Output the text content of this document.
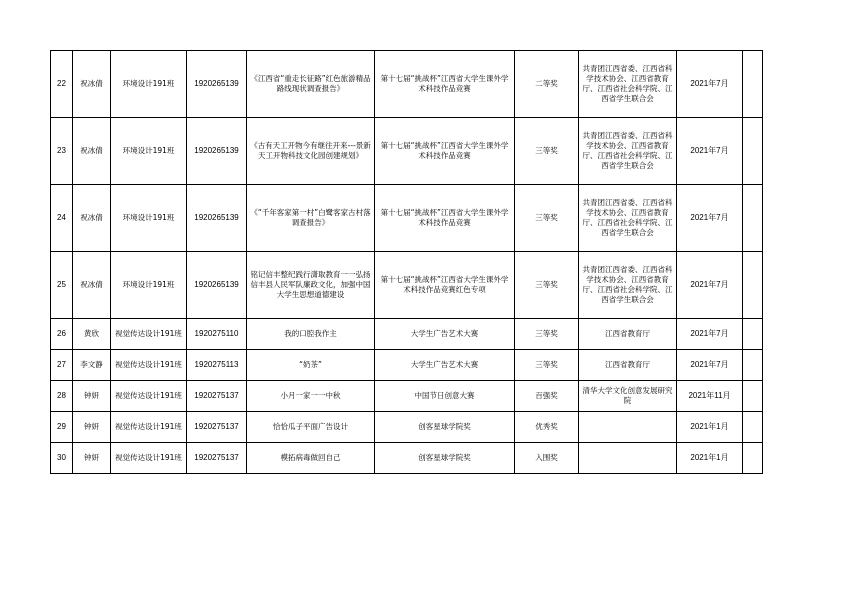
22	祝冰倩	环境设计191班	1920265139	《江西省“重走长征路”红色旅游精品路线现状调查报告》	第十七届“挑战杯”江西省大学生课外学术科技作品竞赛	二等奖	共青团江西省委、江西省科学技术协会、江西省教育厅、江西省社会科学院、江西省学生联合会	2021年7月	
23	祝冰倩	环境设计191班	1920265139	《古有天工开物今有继往开来---景新天工开物科技文化园创建规划》	第十七届“挑战杯”江西省大学生课外学术科技作品竞赛	三等奖	共青团江西省委、江西省科学技术协会、江西省教育厅、江西省社会科学院、江西省学生联合会	2021年7月	
24	祝冰倩	环境设计191班	1920265139	《“千年客家第一村”白鹭客家古村落调查报告》	第十七届“挑战杯”江西省大学生课外学术科技作品竞赛	三等奖	共青团江西省委、江西省科学技术协会、江西省教育厅、江西省社会科学院、江西省学生联合会	2021年7月	
25	祝冰倩	环境设计191班	1920265139	铭记信丰整纪践行潇取教育一一弘扬信丰县人民军队廉政文化，加强中国大学生思想道德建设	第十七届“挑战杯”江西省大学生课外学术科技作品竞赛红色专项	三等奖	共青团江西省委、江西省科学技术协会、江西省教育厅、江西省社会科学院、江西省学生联合会	2021年7月	
26	黄欣	视觉传达设计191班	1920275110	我的口腔我作主	大学生广告艺术大赛	三等奖	江西省教育厅	2021年7月	
27	李文静	视觉传达设计191班	1920275113	“奶茶”	大学生广告艺术大赛	三等奖	江西省教育厅	2021年7月	
28	钟妍	视觉传达设计191班	1920275137	小月一家一一中秋	中国节日创意大赛	百强奖	清华大学文化创意发展研究院	2021年11月	
29	钟妍	视觉传达设计191班	1920275137	恰恰瓜子平面广告设计	创客星球学院奖	优秀奖		2021年1月	
30	钟妍	视觉传达设计191班	1920275137	模拓病毒做回自己	创客星球学院奖	入围奖		2021年1月	
